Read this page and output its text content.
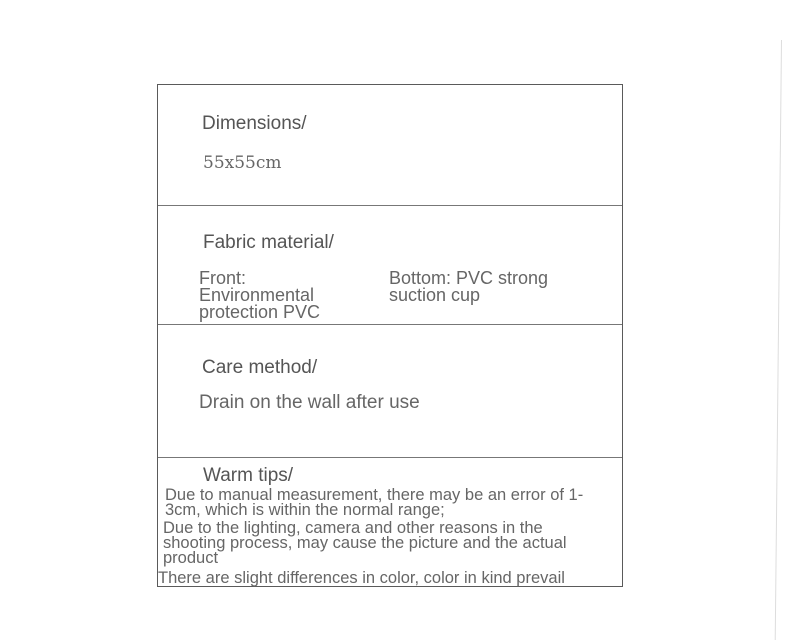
Dimensions/
55x55cm
Fabric material/
Front:
Environmental
protection PVC
Bottom: PVC strong
suction cup
Care method/
Drain on the wall after use
Warm tips/
Due to manual measurement, there may be an error of 1-
3cm, which is within the normal range;
Due to the lighting, camera and other reasons in the
shooting process, may cause the picture and the actual
product
There are slight differences in color, color in kind prevail
